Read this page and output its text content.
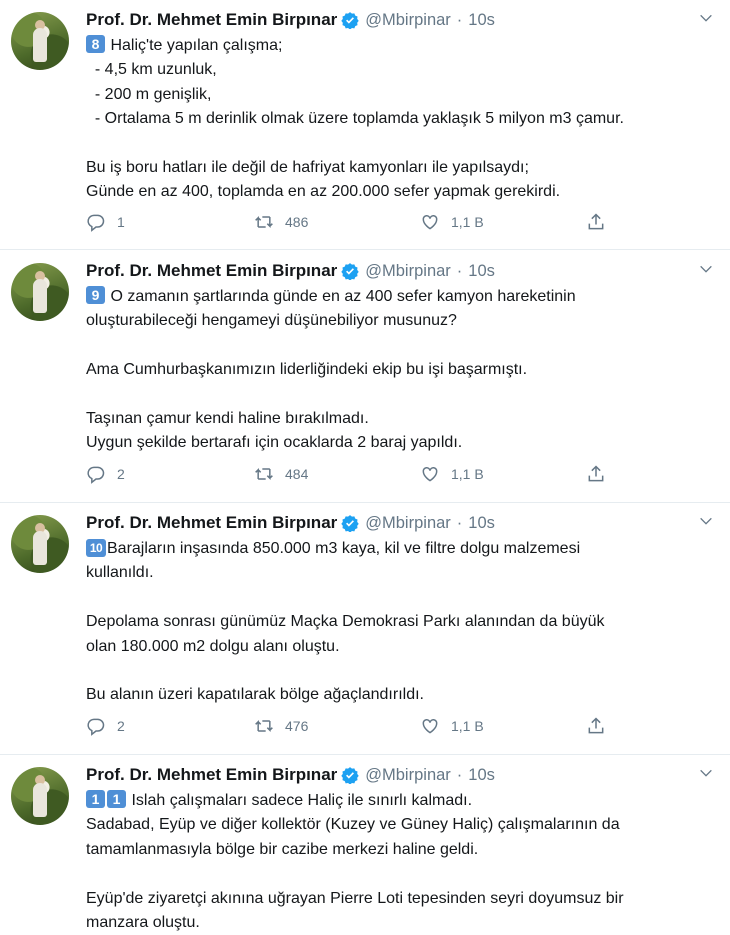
Prof. Dr. Mehmet Emin Birpınar @Mbirpinar · 10s

8 Haliç'te yapılan çalışma;

- 4,5 km uzunluk,

- 200 m genişlik,

- Ortalama 5 m derinlik olmak üzere toplamda yaklaşık 5 milyon m3 çamur.

Bu iş boru hatları ile değil de hafriyat kamyonları ile yapılsaydı;

Günde en az 400, toplamda en az 200.000 sefer yapmak gerekirdi.

1	486	1,1 B
Prof. Dr. Mehmet Emin Birpınar @Mbirpinar · 10s

9 O zamanın şartlarında günde en az 400 sefer kamyon hareketinin

oluşturabileceği hengameyi düşünebiliyor musunuz?

Ama Cumhurbaşkanımızın liderliğindeki ekip bu işi başarmıştı.

Taşınan çamur kendi haline bırakılmadı.

Uygun şekilde bertarafı için ocaklarda 2 baraj yapıldı.

2	484	1,1 B
Prof. Dr. Mehmet Emin Birpınar @Mbirpinar · 10s

10 Barajların inşasında 850.000 m3 kaya, kil ve filtre dolgu malzemesi

kullanıldı.

Depolama sonrası günümüz Maçka Demokrasi Parkı alanından da büyük

olan 180.000 m2 dolgu alanı oluştu.

Bu alanın üzeri kapatılarak bölge ağaçlandırıldı.

2	476	1,1 B
Prof. Dr. Mehmet Emin Birpınar @Mbirpinar · 10s

1 1 Islah çalışmaları sadece Haliç ile sınırlı kalmadı.

Sadabad, Eyüp ve diğer kollektör (Kuzey ve Güney Haliç) çalışmalarının da

tamamlanmasıyla bölge bir cazibe merkezi haline geldi.

Eyüp'de ziyaretçi akınına uğrayan Pierre Loti tepesinden seyri doyumsuz bir

manzara oluştu.
